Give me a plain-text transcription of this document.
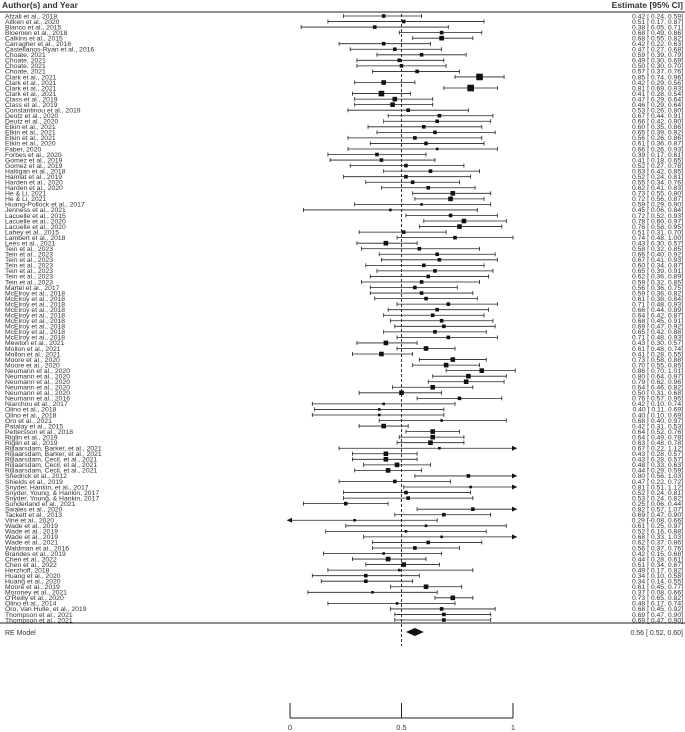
Author(s) and Year	Estimate [95% CI]
Afzali et al., 2018	0.42 [ 0.24, 0.59]
Aitken et al., 2020	0.51 [ 0.17, 0.87]
Blanco et al., 2015	0.38 [ 0.05, 0.71]
Bloemen et al., 2018	0.68 [ 0.49, 0.86]
Calkins et al., 2015	0.68 [ 0.55, 0.82]
Carragher et al., 2016	0.42 [ 0.22, 0.63]
Castellanos-Ryan et al., 2016	0.47 [ 0.27, 0.68]
Choate, 2021	0.59 [ 0.39, 0.79]
Choate, 2021	0.49 [ 0.30, 0.69]
Choate, 2021	0.50 [ 0.30, 0.70]
Choate, 2021	0.57 [ 0.37, 0.76]
Clark et al., 2021	0.85 [ 0.74, 0.96]
Clark et al., 2021	0.42 [ 0.29, 0.56]
Clark et al., 2021	0.81 [ 0.69, 0.93]
Clark et al., 2021	0.41 [ 0.28, 0.54]
Class et al., 2019	0.47 [ 0.29, 0.64]
Class et al., 2019	0.46 [ 0.29, 0.64]
Constantinou et al., 2019	0.53 [ 0.26, 0.80]
Deutz et al., 2020	0.67 [ 0.44, 0.91]
Deutz et al., 2020	0.66 [ 0.42, 0.90]
Etkin et al., 2021	0.60 [ 0.35, 0.86]
Etkin et al., 2021	0.65 [ 0.39, 0.92]
Etkin et al., 2021	0.56 [ 0.26, 0.86]
Etkin et al., 2020	0.61 [ 0.36, 0.87]
Faber, 2020	0.66 [ 0.26, 0.93]
Forbes et al., 2020	0.39 [ 0.17, 0.61]
Gomez et al., 2019	0.41 [ 0.18, 0.65]
Gomez et al., 2019	0.52 [ 0.27, 0.78]
Haltigan et al., 2018	0.63 [ 0.42, 0.85]
Hamlat et al., 2019	0.52 [ 0.24, 0.81]
Harden et al., 2020	0.55 [ 0.34, 0.76]
Harden et al., 2020	0.62 [ 0.41, 0.83]
He & Li, 2021	0.73 [ 0.55, 0.90]
He & Li, 2021	0.72 [ 0.56, 0.87]
Huang-Pollock et al., 2017	0.59 [ 0.29, 0.90]
Jenness et al., 2021	0.45 [ 0.06, 0.84]
Lacuelle et al., 2015	0.72 [ 0.52, 0.93]
Lacuelle et al., 2020	0.78 [ 0.60, 0.97]
Lacuelle et al., 2020	0.76 [ 0.58, 0.95]
Lahey et al., 2015	0.51 [ 0.31, 0.70]
Lambert et al., 2018	0.74 [ 0.48, 1.00]
Lees et al., 2021	0.43 [ 0.30, 0.57]
Tein et al., 2023	0.58 [ 0.32, 0.85]
Tein et al., 2023	0.66 [ 0.40, 0.92]
Tein et al., 2023	0.67 [ 0.41, 0.93]
Tein et al., 2023	0.60 [ 0.34, 0.87]
Tein et al., 2023	0.65 [ 0.39, 0.91]
Tein et al., 2023	0.62 [ 0.36, 0.89]
Tein et al., 2023	0.59 [ 0.32, 0.85]
Martel et al., 2017	0.56 [ 0.36, 0.75]
McElroy et al., 2018	0.59 [ 0.36, 0.82]
McElroy et al., 2018	0.61 [ 0.38, 0.84]
McElroy et al., 2018	0.71 [ 0.48, 0.93]
McElroy et al., 2018	0.66 [ 0.44, 0.89]
McElroy et al., 2018	0.64 [ 0.42, 0.87]
McElroy et al., 2018	0.68 [ 0.45, 0.91]
McElroy et al., 2018	0.69 [ 0.47, 0.92]
McElroy et al., 2018	0.65 [ 0.42, 0.88]
McElroy et al., 2018	0.71 [ 0.48, 0.93]
Mewton et al., 2021	0.43 [ 0.30, 0.57]
Mollon et al., 2021	0.61 [ 0.48, 0.74]
Mollon et al., 2021	0.41 [ 0.28, 0.55]
Moore et al., 2020	0.73 [ 0.58, 0.88]
Moore et al., 2020	0.70 [ 0.55, 0.85]
Neumann et al., 2020	0.86 [ 0.70, 1.01]
Neumann et al., 2020	0.80 [ 0.64, 0.97]
Neumann et al., 2020	0.79 [ 0.62, 0.96]
Neumann et al., 2020	0.64 [ 0.46, 0.82]
Neumann et al., 2020	0.50 [ 0.31, 0.68]
Neumann et al., 2016	0.76 [ 0.57, 0.95]
Niarchou et al., 2017	0.42 [ 0.10, 0.74]
Olino et al., 2018	0.40 [ 0.11, 0.69]
Olino et al., 2018	0.40 [ 0.10, 0.69]
Oro et al., 2021	0.68 [ 0.40, 0.97]
Patalay et al., 2015	0.42 [ 0.31, 0.53]
Pettersson et al., 2018	0.64 [ 0.52, 0.76]
Riglin et al., 2019	0.64 [ 0.49, 0.78]
Riglin et al., 2019	0.63 [ 0.48, 0.78]
Rijlaarsdam, Barker, et al., 2021	0.67 [ 0.22, 1.12]
Rijlaarsdam, Barker, et al., 2021	0.43 [ 0.28, 0.57]
Rijlaarsdam, Cecil, et al., 2021	0.43 [ 0.28, 0.57]
Rijlaarsdam, Cecil, et al., 2021	0.48 [ 0.33, 0.63]
Rijlaarsdam, Cecil, et al., 2021	0.44 [ 0.29, 0.59]
Shedrick et al., 2012	0.80 [ 0.56, 1.03]
Shields et al., 2019	0.47 [ 0.22, 0.72]
Snyder, Hankin, et al., 2017	0.81 [ 0.51, 1.12]
Snyder, Young, & Hankin, 2017	0.52 [ 0.24, 0.81]
Snyder, Young, & Hankin, 2017	0.53 [ 0.24, 0.82]
Sunderland et al., 2021	0.25 [ 0.06, 0.44]
Swales et al., 2020	0.82 [ 0.57, 1.07]
Tackett et al., 2013	0.69 [ 0.47, 0.90]
Vine et al., 2020	0.29 [-0.08, 0.66]
Wade et al., 2019	0.61 [ 0.25, 0.97]
Wade et al., 2019	0.52 [ 0.16, 0.88]
Wade et al., 2019	0.68 [ 0.33, 1.03]
Wade et al., 2021	0.62 [ 0.37, 0.86]
Waldman et al., 2016	0.56 [ 0.37, 0.76]
Brandes et al., 2019	0.42 [ 0.15, 0.68]
Chen et al., 2022	0.44 [ 0.28, 0.61]
Chen et al., 2022	0.51 [ 0.34, 0.67]
Herzhoff, 2018	0.49 [ 0.17, 0.82]
Huang et al., 2020	0.34 [ 0.10, 0.58]
Huang et al., 2020	0.34 [ 0.14, 0.55]
Moore et al., 2019	0.61 [ 0.45, 0.77]
Moroney et al., 2021	0.37 [ 0.08, 0.66]
O'Reilly et al., 2020	0.73 [ 0.65, 0.82]
Olino et al., 2014	0.48 [ 0.17, 0.74]
Oro, Van Hulle, et al., 2019	0.68 [ 0.45, 0.92]
Thompson et al., 2021	0.69 [ 0.47, 0.90]
Thompson et al., 2021	0.69 [ 0.47, 0.90]
RE Model	0.56 [ 0.52, 0.60]
0	0.5	1
